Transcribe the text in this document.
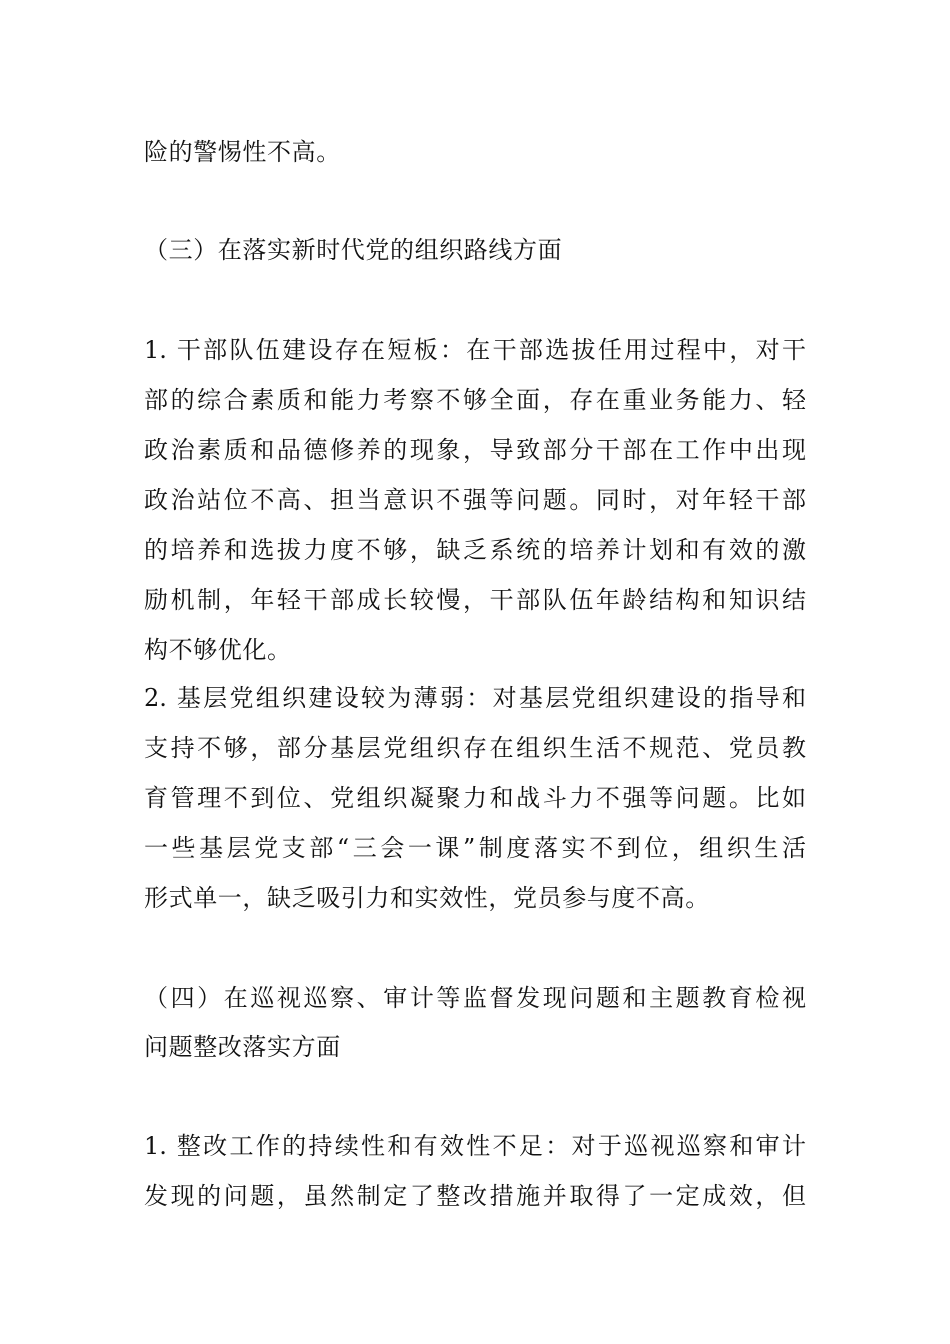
险的警惕性不高。
（三）在落实新时代党的组织路线方面
1. 干部队伍建设存在短板：在干部选拔任用过程中，对干
部的综合素质和能力考察不够全面，存在重业务能力、轻
政治素质和品德修养的现象，导致部分干部在工作中出现
政治站位不高、担当意识不强等问题。同时，对年轻干部
的培养和选拔力度不够，缺乏系统的培养计划和有效的激
励机制，年轻干部成长较慢，干部队伍年龄结构和知识结
构不够优化。
2. 基层党组织建设较为薄弱：对基层党组织建设的指导和
支持不够，部分基层党组织存在组织生活不规范、党员教
育管理不到位、党组织凝聚力和战斗力不强等问题。比如
一些基层党支部“三会一课”制度落实不到位，组织生活
形式单一，缺乏吸引力和实效性，党员参与度不高。
（四）在巡视巡察、审计等监督发现问题和主题教育检视
问题整改落实方面
1. 整改工作的持续性和有效性不足：对于巡视巡察和审计
发现的问题，虽然制定了整改措施并取得了一定成效，但
